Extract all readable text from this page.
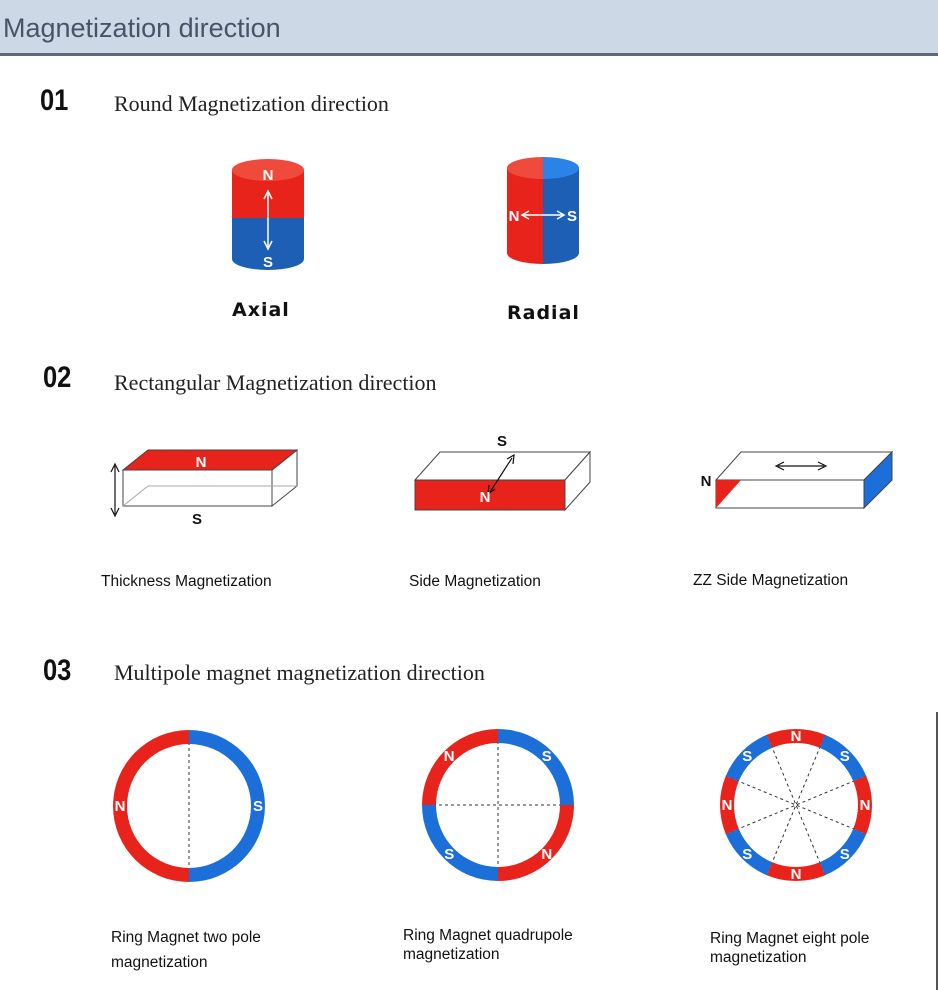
Magnetization direction
01 Round Magnetization direction
N
S
Axial
N	S
Radial
02 Rectangular Magnetization direction
N
S
Thickness Magnetization
S
N
Side Magnetization
N
ZZ Side Magnetization
03 Multipole magnet magnetization direction
S
N
S
N
S
N	S
N
S
N
S
N
S
N
Ring Magnet two pole
magnetization
Ring Magnet quadrupole
magnetization
Ring Magnet eight pole
magnetization
